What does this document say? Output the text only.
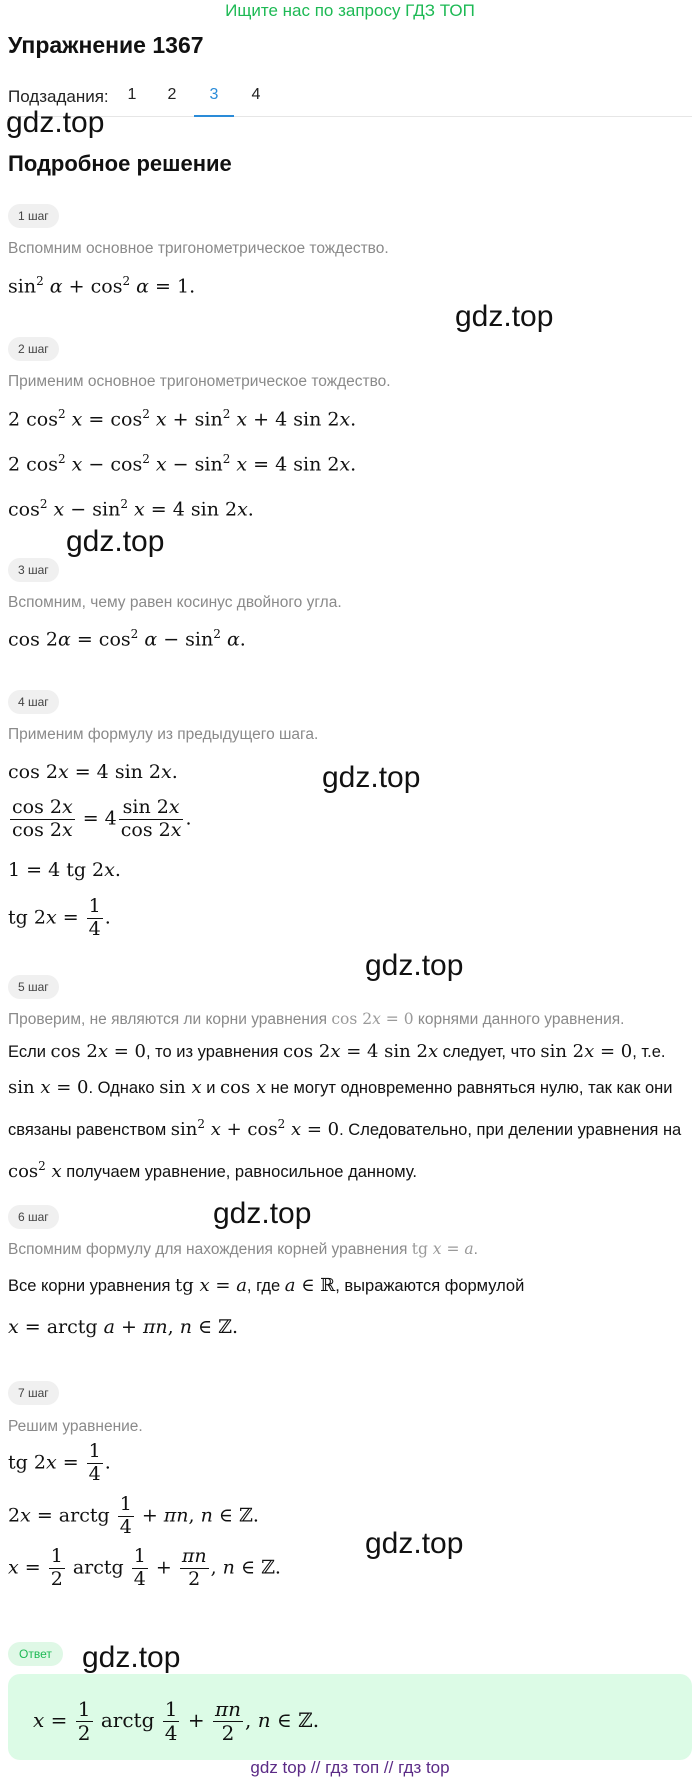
Ищите нас по запросу ГДЗ ТОП
Упражнение 1367
Подзадания:	1	2	3	4
gdz.top
gdz.top
gdz.top
gdz.top
gdz.top
gdz.top
gdz.top
gdz.top
Подробное решение
1 шаг
Вспомним основное тригонометрическое тождество.
$\sin^2 \alpha + \cos^2 \alpha = 1$.
2 шаг
Применим основное тригонометрическое тождество.
2 $\cos^2 x = \cos^2 x + \sin^2 x + 4$ sin 2x.
2 $\cos^2 x - \cos^2 x - \sin^2 x = 4$ sin 2x.
$\cos^2 x - \sin^2 x = 4$ sin 2x.
3 шаг
Вспомним, чему равен косинус двойного угла.
$\cos 2\alpha = \cos^2 \alpha - \sin^2 \alpha$.
4 шаг
Применим формулу из предыдущего шага.
cos 2x = 4 sin 2x.
$\frac{\cos 2x}{\cos 2x} = 4 \frac{\sin 2x}{\cos 2x}$ .
1 = 4 tg 2x.
tg $2x = \frac{1}{4}$ .
5 шаг
Проверим, не являются ли корни уравнения cos 2x = 0 корнями данного уравнения.
Если cos 2x = 0, то из уравнения cos 2x = 4 sin 2x следует, что sin 2x = 0, т.е. sin x = 0. Однако sin x и cos x не могут одновременно равняться нулю, так как они связаны равенством $\sin^2 x + \cos^2 x = 0$. Следовательно, при делении уравнения на $\cos^2 x$ получаем уравнение, равносильное данному.
6 шаг
Вспомним формулу для нахождения корней уравнения tg x = a.
Все корни уравнения tg x = a, где a ∈ ℝ, выражаются формулой
x = arctg a + πn, n ∈ ℤ.
7 шаг
Решим уравнение.
tg $2x = \frac{1}{4}$ .
2x = arctg $\frac{1}{4} + \pi n$, n ∈ ℤ.
$x = \frac{1}{2}$ arctg $\frac{1}{4} + \frac{\pi n}{2}$ , n ∈ ℤ.
Ответ
$x = \frac{1}{2}$ arctg $\frac{1}{4} + \frac{\pi n}{2}$ , n ∈ ℤ.
gdz top // гдз топ // гдз top
